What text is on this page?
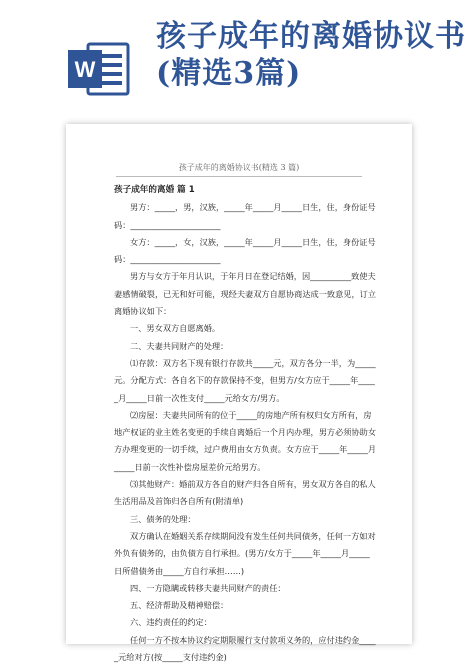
W
孩子成年的离婚协议书(精选3篇)
孩子成年的离婚协议书(精选 3 篇)

孩子成年的离婚 篇 1

男方：_____，男，汉族，_____年_____月_____日生，住，身份证号码：______________________

女方：_____，女，汉族，_____年_____月_____日生，住，身份证号码：______________________

男方与女方于年月认识，于年月日在登记结婚，因__________致使夫妻感情破裂，已无和好可能，现经夫妻双方自愿协商达成一致意见，订立离婚协议如下：

一、男女双方自愿离婚。

二、夫妻共同财产的处理：

⑴存款：双方名下现有银行存款共_____元，双方各分一半，为_____元。分配方式：各自名下的存款保持不变，但男方/女方应于_____年_____月_____日前一次性支付_____元给女方/男方。

⑵房屋：夫妻共同所有的位于_____的房地产所有权归女方所有，房地产权证的业主姓名变更的手续自离婚后一个月内办理，男方必须协助女方办理变更的一切手续，过户费用由女方负责。女方应于_____年_____月_____日前一次性补偿房屋差价元给男方。

⑶其他财产：婚前双方各自的财产归各自所有，男女双方各自的私人生活用品及首饰归各自所有(附清单)

三、债务的处理：

双方确认在婚姻关系存续期间没有发生任何共同债务，任何一方如对外负有债务的，由负债方自行承担。(男方/女方于_____年_____月_____日所借债务由_____方自行承担……)

四、一方隐瞒或转移夫妻共同财产的责任：

五、经济帮助及精神赔偿：

六、违约责任的约定：

任何一方不按本协议约定期限履行支付款项义务的，应付违约金_____元给对方(按_____支付违约金)
